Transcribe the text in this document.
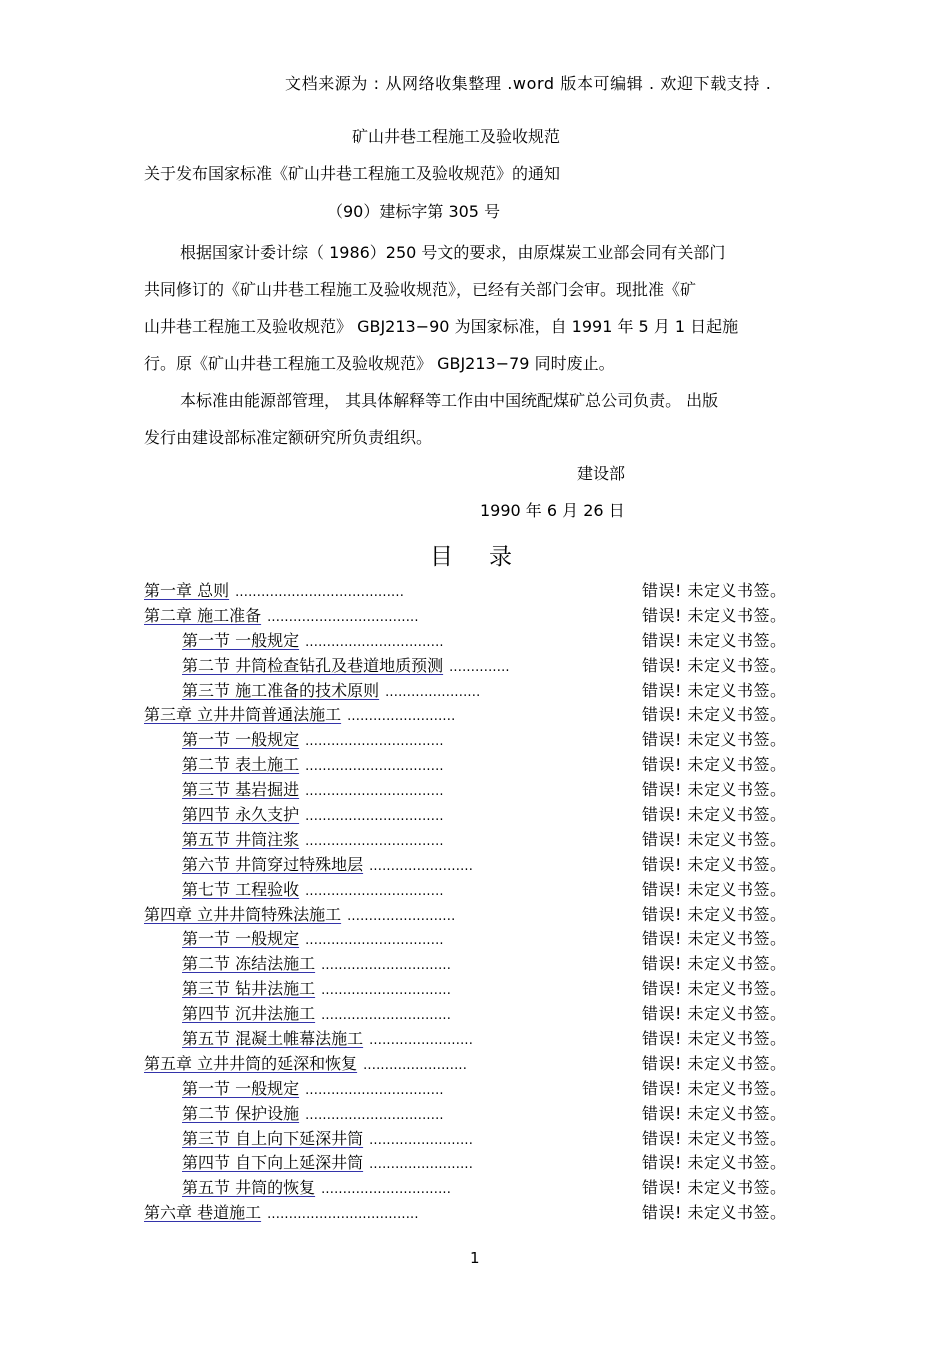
文档来源为 : 从网络收集整理 .word 版本可编辑 . 欢迎下载支持 .
矿山井巷工程施工及验收规范
关于发布国家标准《矿山井巷工程施工及验收规范》的通知
（90）建标字第 305 号
根据国家计委计综（ 1986）250 号文的要求，由原煤炭工业部会同有关部门
共同修订的《矿山井巷工程施工及验收规范》，已经有关部门会审。现批准《矿
山井巷工程施工及验收规范》 GBJ213−90 为国家标准，自 1991 年 5 月 1 日起施
行。原《矿山井巷工程施工及验收规范》 GBJ213−79 同时废止。
本标准由能源部管理， 其具体解释等工作由中国统配煤矿总公司负责。 出版
发行由建设部标准定额研究所负责组织。
建设部
1990 年 6 月 26 日
目录
第一章 总则 .......................................	错误! 未定义书签。
第二章 施工准备 ...................................	错误! 未定义书签。
第一节 一般规定 ................................	错误! 未定义书签。
第二节 井筒检查钻孔及巷道地质预测 ..............	错误! 未定义书签。
第三节 施工准备的技术原则 ......................	错误! 未定义书签。
第三章 立井井筒普通法施工 .........................	错误! 未定义书签。
第一节 一般规定 ................................	错误! 未定义书签。
第二节 表土施工 ................................	错误! 未定义书签。
第三节 基岩掘进 ................................	错误! 未定义书签。
第四节 永久支护 ................................	错误! 未定义书签。
第五节 井筒注浆 ................................	错误! 未定义书签。
第六节 井筒穿过特殊地层 ........................	错误! 未定义书签。
第七节 工程验收 ................................	错误! 未定义书签。
第四章 立井井筒特殊法施工 .........................	错误! 未定义书签。
第一节 一般规定 ................................	错误! 未定义书签。
第二节 冻结法施工 ..............................	错误! 未定义书签。
第三节 钻井法施工 ..............................	错误! 未定义书签。
第四节 沉井法施工 ..............................	错误! 未定义书签。
第五节 混凝土帷幕法施工 ........................	错误! 未定义书签。
第五章 立井井筒的延深和恢复 ........................	错误! 未定义书签。
第一节 一般规定 ................................	错误! 未定义书签。
第二节 保护设施 ................................	错误! 未定义书签。
第三节 自上向下延深井筒 ........................	错误! 未定义书签。
第四节 自下向上延深井筒 ........................	错误! 未定义书签。
第五节 井筒的恢复 ..............................	错误! 未定义书签。
第六章 巷道施工 ...................................	错误! 未定义书签。
1
